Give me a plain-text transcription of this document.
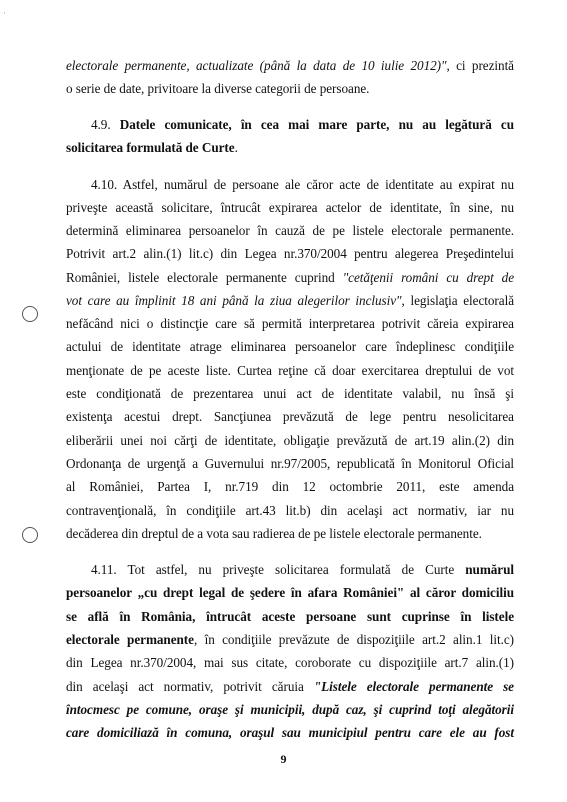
·
electorale permanente, actualizate (până la data de 10 iulie 2012)", ci prezintă
o serie de date, privitoare la diverse categorii de persoane.
4.9. Datele comunicate, în cea mai mare parte, nu au legătură cu
solicitarea formulată de Curte.
4.10. Astfel, numărul de persoane ale căror acte de identitate au expirat nu
priveşte această solicitare, întrucât expirarea actelor de identitate, în sine, nu
determină eliminarea persoanelor în cauză de pe listele electorale permanente.
Potrivit art.2 alin.(1) lit.c) din Legea nr.370/2004 pentru alegerea Preşedintelui
României, listele electorale permanente cuprind "cetăţenii români cu drept de
vot care au împlinit 18 ani până la ziua alegerilor inclusiv", legislaţia electorală
nefăcând nici o distincţie care să permită interpretarea potrivit căreia expirarea
actului de identitate atrage eliminarea persoanelor care îndeplinesc condiţiile
menţionate de pe aceste liste. Curtea reţine că doar exercitarea dreptului de vot
este condiţionată de prezentarea unui act de identitate valabil, nu însă şi
existenţa acestui drept. Sancţiunea prevăzută de lege pentru nesolicitarea
eliberării unei noi cărţi de identitate, obligaţie prevăzută de art.19 alin.(2) din
Ordonanţa de urgenţă a Guvernului nr.97/2005, republicată în Monitorul Oficial
al României, Partea I, nr.719 din 12 octombrie 2011, este amenda
contravenţională, în condiţiile art.43 lit.b) din acelaşi act normativ, iar nu
decăderea din dreptul de a vota sau radierea de pe listele electorale permanente.
4.11. Tot astfel, nu priveşte solicitarea formulată de Curte numărul
persoanelor „cu drept legal de şedere în afara României" al căror domiciliu
se află în România, întrucât aceste persoane sunt cuprinse în listele
electorale permanente, în condiţiile prevăzute de dispoziţiile art.2 alin.1 lit.c)
din Legea nr.370/2004, mai sus citate, coroborate cu dispoziţiile art.7 alin.(1)
din acelaşi act normativ, potrivit căruia "Listele electorale permanente se
întocmesc pe comune, oraşe şi municipii, după caz, şi cuprind toţi alegătorii
care domiciliază în comuna, oraşul sau municipiul pentru care ele au fost
9
